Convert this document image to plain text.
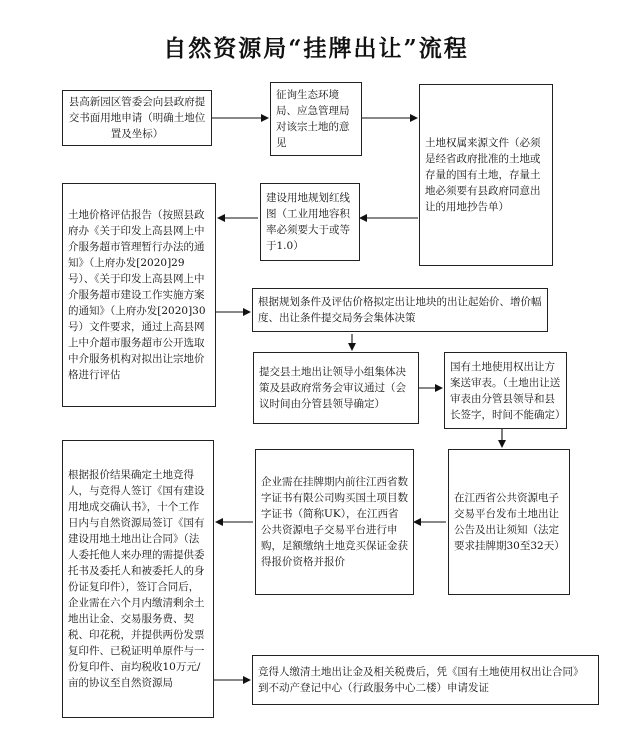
自然资源局“挂牌出让”流程
县高新园区管委会向县政府提交书面用地申请（明确土地位置及坐标）
征询生态环境局、应急管理局对该宗土地的意见	土地权属来源文件（必须是经省政府批准的土地或存量的国有土地，存量土地必须要有县政府同意出让的用地抄告单）
建设用地规划红线图（工业用地容积率必须要大于或等于1.0）
土地价格评估报告（按照县政府办《关于印发上高县网上中介服务超市管理暂行办法的通知》（上府办发[2020]29号）、《关于印发上高县网上中介服务超市建设工作实施方案的通知》（上府办发[2020]30号）文件要求，通过上高县网上中介超市服务超市公开选取中介服务机构对拟出让宗地价格进行评估
根据规划条件及评估价格拟定出让地块的出让起始价、增价幅度、出让条件提交局务会集体决策
提交县土地出让领导小组集体决策及县政府常务会审议通过（会议时间由分管县领导确定）
国有土地使用权出让方案送审表。（土地出让送审表由分管县领导和县长签字，时间不能确定）
在江西省公共资源电子交易平台发布土地出让公告及出让须知（法定要求挂牌期30至32天）
企业需在挂牌期内前往江西省数字证书有限公司购买国土项目数字证书（简称UK），在江西省公共资源电子交易平台进行申购，足额缴纳土地竞买保证金获得报价资格并报价
根据报价结果确定土地竞得人，与竞得人签订《国有建设用地成交确认书》，十个工作日内与自然资源局签订《国有建设用地土地出让合同》（法人委托他人来办理的需提供委托书及委托人和被委托人的身份证复印件），签订合同后，企业需在六个月内缴清剩余土地出让金、交易服务费、契税、印花税，并提供两份发票复印件、已税证明单原件与一份复印件、亩均税收10万元/亩的协议至自然资源局
竞得人缴清土地出让金及相关税费后，凭《国有土地使用权出让合同》到不动产登记中心（行政服务中心二楼）申请发证
